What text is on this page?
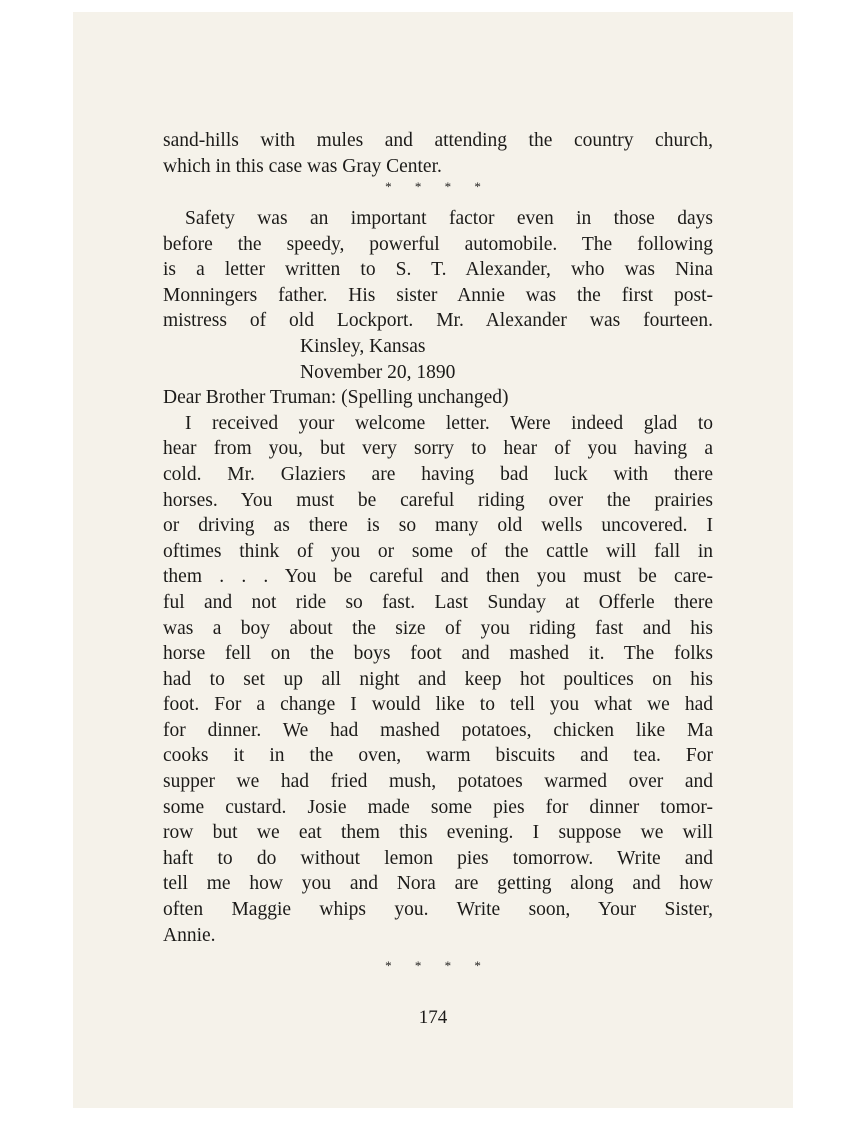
sand-hills with mules and attending the country church,

which in this case was Gray Center.

* * * *

Safety was an important factor even in those days

before the speedy, powerful automobile. The following

is a letter written to S. T. Alexander, who was Nina

Monningers father. His sister Annie was the first post-

mistress of old Lockport. Mr. Alexander was fourteen.

Kinsley, Kansas

November 20, 1890

Dear Brother Truman: (Spelling unchanged)

I received your welcome letter. Were indeed glad to

hear from you, but very sorry to hear of you having a

cold. Mr. Glaziers are having bad luck with there

horses. You must be careful riding over the prairies

or driving as there is so many old wells uncovered. I

oftimes think of you or some of the cattle will fall in

them . . . You be careful and then you must be care-

ful and not ride so fast. Last Sunday at Offerle there

was a boy about the size of you riding fast and his

horse fell on the boys foot and mashed it. The folks

had to set up all night and keep hot poultices on his

foot. For a change I would like to tell you what we had

for dinner. We had mashed potatoes, chicken like Ma

cooks it in the oven, warm biscuits and tea. For

supper we had fried mush, potatoes warmed over and

some custard. Josie made some pies for dinner tomor-

row but we eat them this evening. I suppose we will

haft to do without lemon pies tomorrow. Write and

tell me how you and Nora are getting along and how

often Maggie whips you. Write soon, Your Sister,

Annie.

* * * *
174
